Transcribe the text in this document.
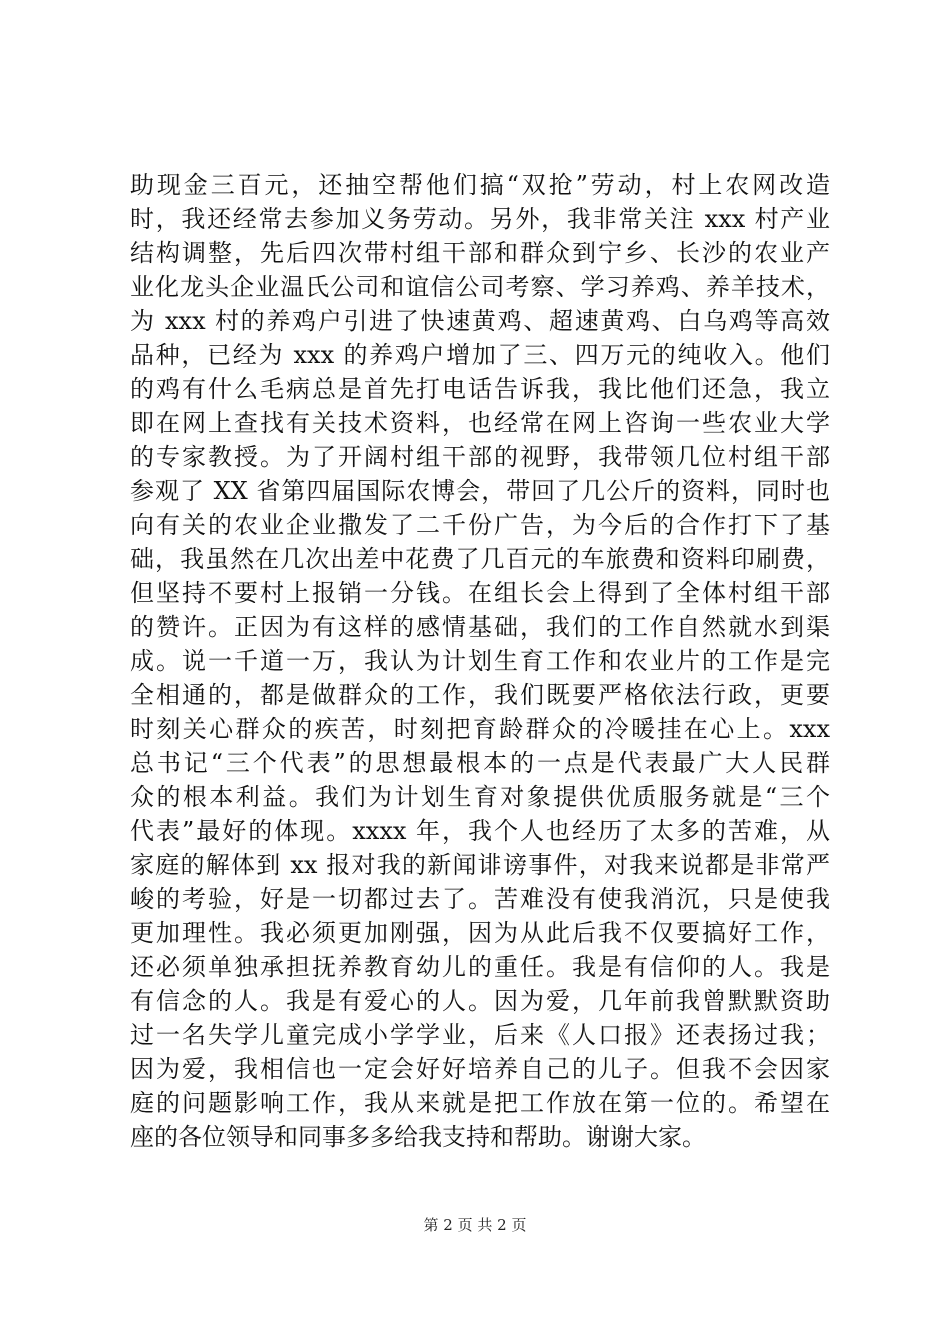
助现金三百元，还抽空帮他们搞“双抢”劳动，村上农网改造
时，我还经常去参加义务劳动。另外，我非常关注 xxx 村产业
结构调整，先后四次带村组干部和群众到宁乡、长沙的农业产
业化龙头企业温氏公司和谊信公司考察、学习养鸡、养羊技术，
为 xxx 村的养鸡户引进了快速黄鸡、超速黄鸡、白乌鸡等高效
品种，已经为 xxx 的养鸡户增加了三、四万元的纯收入。他们
的鸡有什么毛病总是首先打电话告诉我，我比他们还急，我立
即在网上查找有关技术资料，也经常在网上咨询一些农业大学
的专家教授。为了开阔村组干部的视野，我带领几位村组干部
参观了 XX 省第四届国际农博会，带回了几公斤的资料，同时也
向有关的农业企业撒发了二千份广告，为今后的合作打下了基
础，我虽然在几次出差中花费了几百元的车旅费和资料印刷费，
但坚持不要村上报销一分钱。在组长会上得到了全体村组干部
的赞许。正因为有这样的感情基础，我们的工作自然就水到渠
成。说一千道一万，我认为计划生育工作和农业片的工作是完
全相通的，都是做群众的工作，我们既要严格依法行政，更要
时刻关心群众的疾苦，时刻把育龄群众的冷暖挂在心上。xxx
总书记“三个代表”的思想最根本的一点是代表最广大人民群
众的根本利益。我们为计划生育对象提供优质服务就是“三个
代表”最好的体现。xxxx 年，我个人也经历了太多的苦难，从
家庭的解体到 xx 报对我的新闻诽谤事件，对我来说都是非常严
峻的考验，好是一切都过去了。苦难没有使我消沉，只是使我
更加理性。我必须更加刚强，因为从此后我不仅要搞好工作，
还必须单独承担抚养教育幼儿的重任。我是有信仰的人。我是
有信念的人。我是有爱心的人。因为爱，几年前我曾默默资助
过一名失学儿童完成小学学业，后来《人口报》还表扬过我；
因为爱，我相信也一定会好好培养自己的儿子。但我不会因家
庭的问题影响工作，我从来就是把工作放在第一位的。希望在
座的各位领导和同事多多给我支持和帮助。谢谢大家。
第 2 页 共 2 页
